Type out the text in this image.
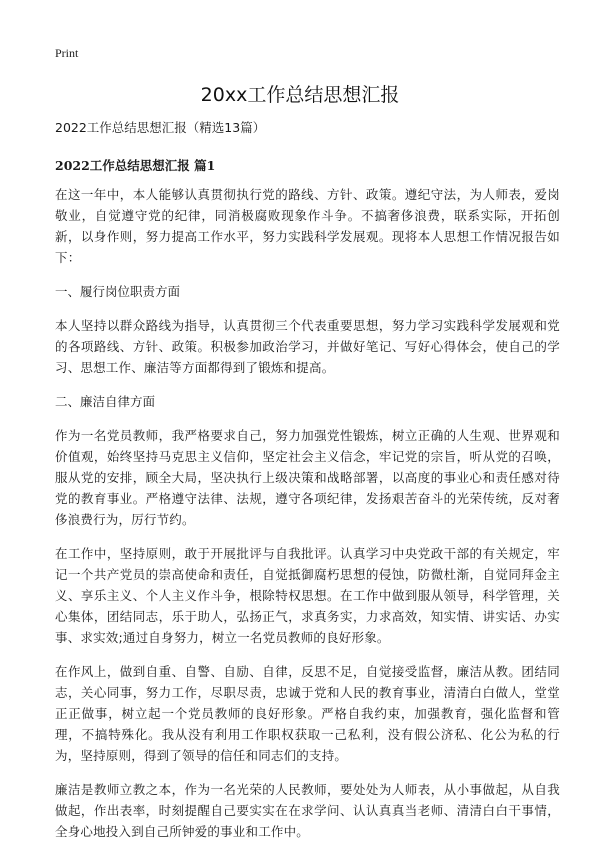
Print
20xx工作总结思想汇报

2022工作总结思想汇报（精选13篇）

2022工作总结思想汇报 篇1

在这一年中，本人能够认真贯彻执行党的路线、方针、政策。遵纪守法，为人师表，爱岗敬业，自觉遵守党的纪律，同消极腐败现象作斗争。不搞奢侈浪费，联系实际，开拓创新，以身作则，努力提高工作水平，努力实践科学发展观。现将本人思想工作情况报告如下：

一、履行岗位职责方面

本人坚持以群众路线为指导，认真贯彻三个代表重要思想，努力学习实践科学发展观和党的各项路线、方针、政策。积极参加政治学习，并做好笔记、写好心得体会，使自己的学习、思想工作、廉洁等方面都得到了锻炼和提高。

二、廉洁自律方面

作为一名党员教师，我严格要求自己，努力加强党性锻炼，树立正确的人生观、世界观和价值观，始终坚持马克思主义信仰，坚定社会主义信念，牢记党的宗旨，听从党的召唤，服从党的安排，顾全大局，坚决执行上级决策和战略部署，以高度的事业心和责任感对待党的教育事业。严格遵守法律、法规，遵守各项纪律，发扬艰苦奋斗的光荣传统，反对奢侈浪费行为，厉行节约。

在工作中，坚持原则，敢于开展批评与自我批评。认真学习中央党政干部的有关规定，牢记一个共产党员的崇高使命和责任，自觉抵御腐朽思想的侵蚀，防微杜渐，自觉同拜金主义、享乐主义、个人主义作斗争，根除特权思想。在工作中做到服从领导，科学管理，关心集体，团结同志，乐于助人，弘扬正气，求真务实，力求高效，知实情、讲实话、办实事、求实效;通过自身努力，树立一名党员教师的良好形象。

在作风上，做到自重、自警、自励、自律，反思不足，自觉接受监督，廉洁从教。团结同志，关心同事，努力工作，尽职尽责，忠诚于党和人民的教育事业，清清白白做人，堂堂正正做事，树立起一个党员教师的良好形象。严格自我约束，加强教育，强化监督和管理，不搞特殊化。我从没有利用工作职权获取一己私利，没有假公济私、化公为私的行为，坚持原则，得到了领导的信任和同志们的支持。

廉洁是教师立教之本，作为一名光荣的人民教师，要处处为人师表，从小事做起，从自我做起，作出表率，时刻提醒自己要实实在在求学问、认认真真当老师、清清白白干事情，全身心地投入到自己所钟爱的事业和工作中。
